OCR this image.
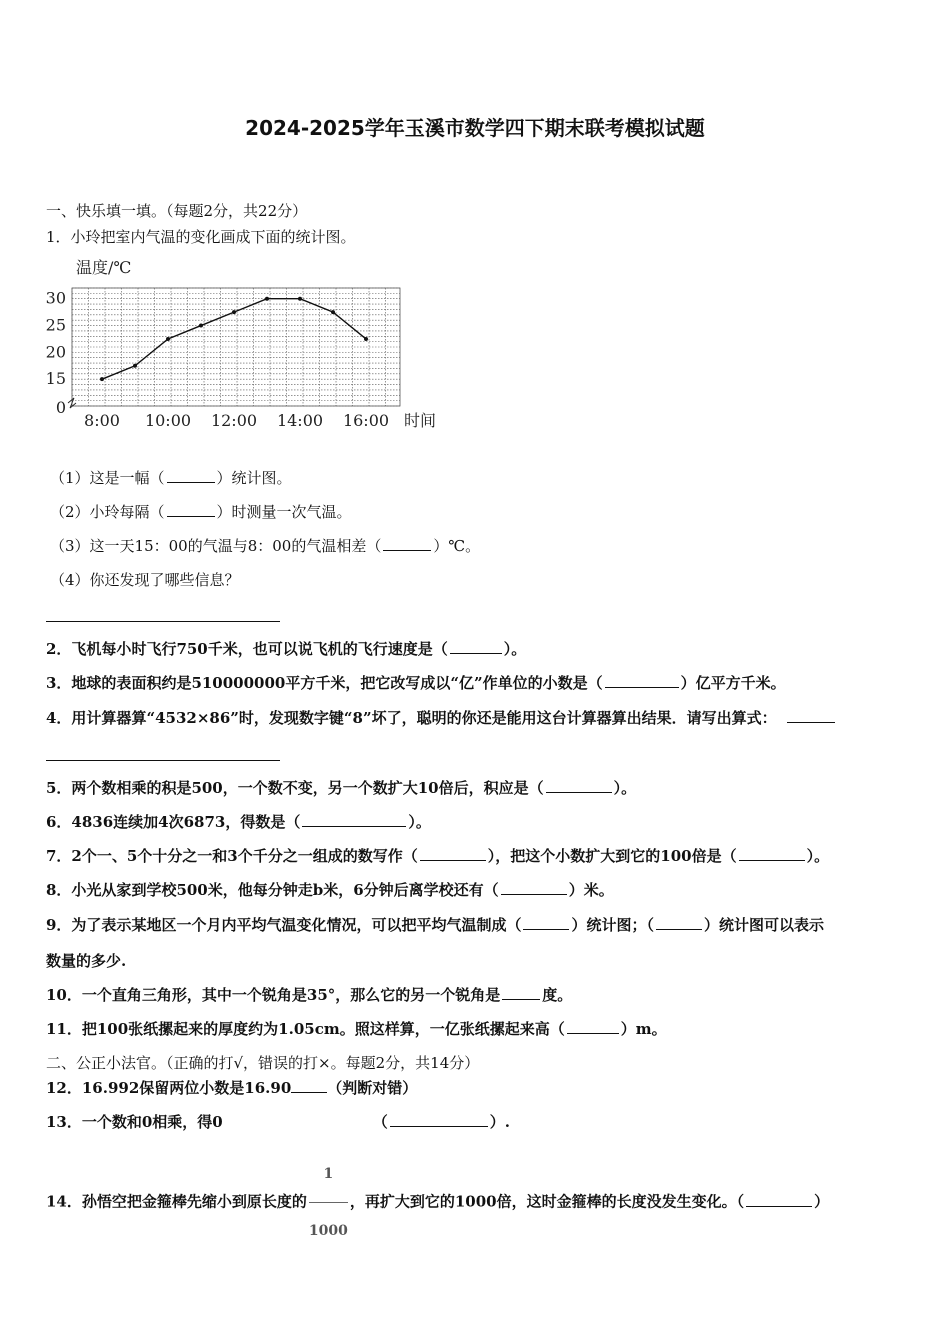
2024-2025学年玉溪市数学四下期末联考模拟试题
一、快乐填一填。（每题2分，共22分）
1．小玲把室内气温的变化画成下面的统计图。
0
15
20
25
30
8:00 10:00 12:00 14:00 16:00
温度/℃
时间
（1）这是一幅（	）统计图。
（2）小玲每隔（	）时测量一次气温。
（3）这一天15：00的气温与8：00的气温相差（	）℃。
（4）你还发现了哪些信息？
2．飞机每小时飞行750千米，也可以说飞机的飞行速度是（	）。
3．地球的表面积约是510000000平方千米，把它改写成以“亿”作单位的小数是（	）亿平方千米。
4．用计算器算“4532×86”时，发现数字键“8”坏了，聪明的你还是能用这台计算器算出结果．请写出算式：
5．两个数相乘的积是500，一个数不变，另一个数扩大10倍后，积应是（	）。
6．4836连续加4次6873，得数是（	）。
7．2个一、5个十分之一和3个千分之一组成的数写作（	），把这个小数扩大到它的100倍是（	）。
8．小光从家到学校500米，他每分钟走b米，6分钟后离学校还有（	）米。
9．为了表示某地区一个月内平均气温变化情况，可以把平均气温制成（	）统计图；（	）统计图可以表示
数量的多少.
10．一个直角三角形，其中一个锐角是35°，那么它的另一个锐角是	度。
11．把100张纸摞起来的厚度约为1.05cm。照这样算，一亿张纸摞起来高（	）m。
二、公正小法官。（正确的打√，错误的打×。每题2分，共14分）
12．16.992保留两位小数是16.90 （判断对错）
13．一个数和0相乘，得0	（	）.
14．孙悟空把金箍棒先缩小到原长度的 $\frac{1}{1000}$ ，再扩大到它的1000倍，这时金箍棒的长度没发生变化。（	）
